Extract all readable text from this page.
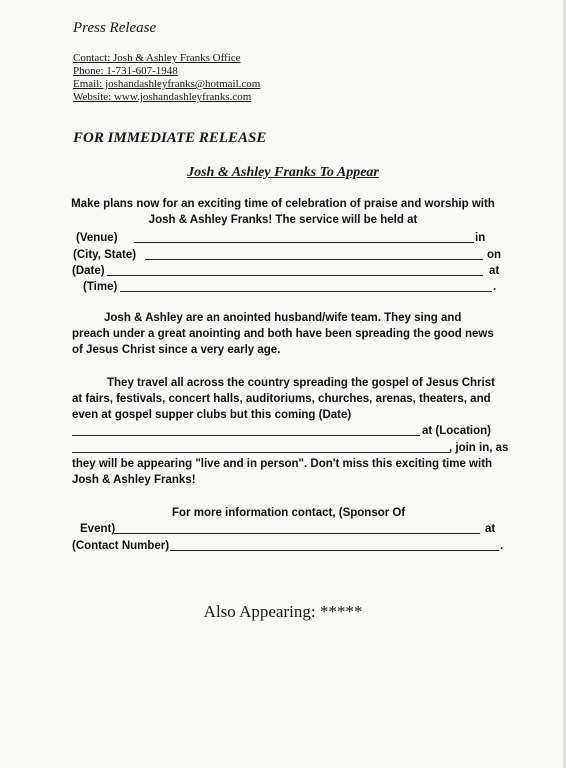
Press Release
Contact: Josh & Ashley Franks Office
Phone: 1-731-607-1948
Email: joshandashleyfranks@hotmail.com
Website: www.joshandashleyfranks.com
FOR IMMEDIATE RELEASE
Josh & Ashley Franks To Appear
Make plans now for an exciting time of celebration of praise and worship with
Josh & Ashley Franks! The service will be held at
(Venue)	in
(City, State)	on
(Date)	at
(Time)	.
Josh & Ashley are an anointed husband/wife team. They sing and
preach under a great anointing and both have been spreading the good news
of Jesus Christ since a very early age.
They travel all across the country spreading the gospel of Jesus Christ
at fairs, festivals, concert halls, auditoriums, churches, arenas, theaters, and
even at gospel supper clubs but this coming (Date)
at (Location)
, join in, as
they will be appearing "live and in person". Don't miss this exciting time with
Josh & Ashley Franks!
For more information contact, (Sponsor Of
Event)	at
(Contact Number)	.
Also Appearing: *****
